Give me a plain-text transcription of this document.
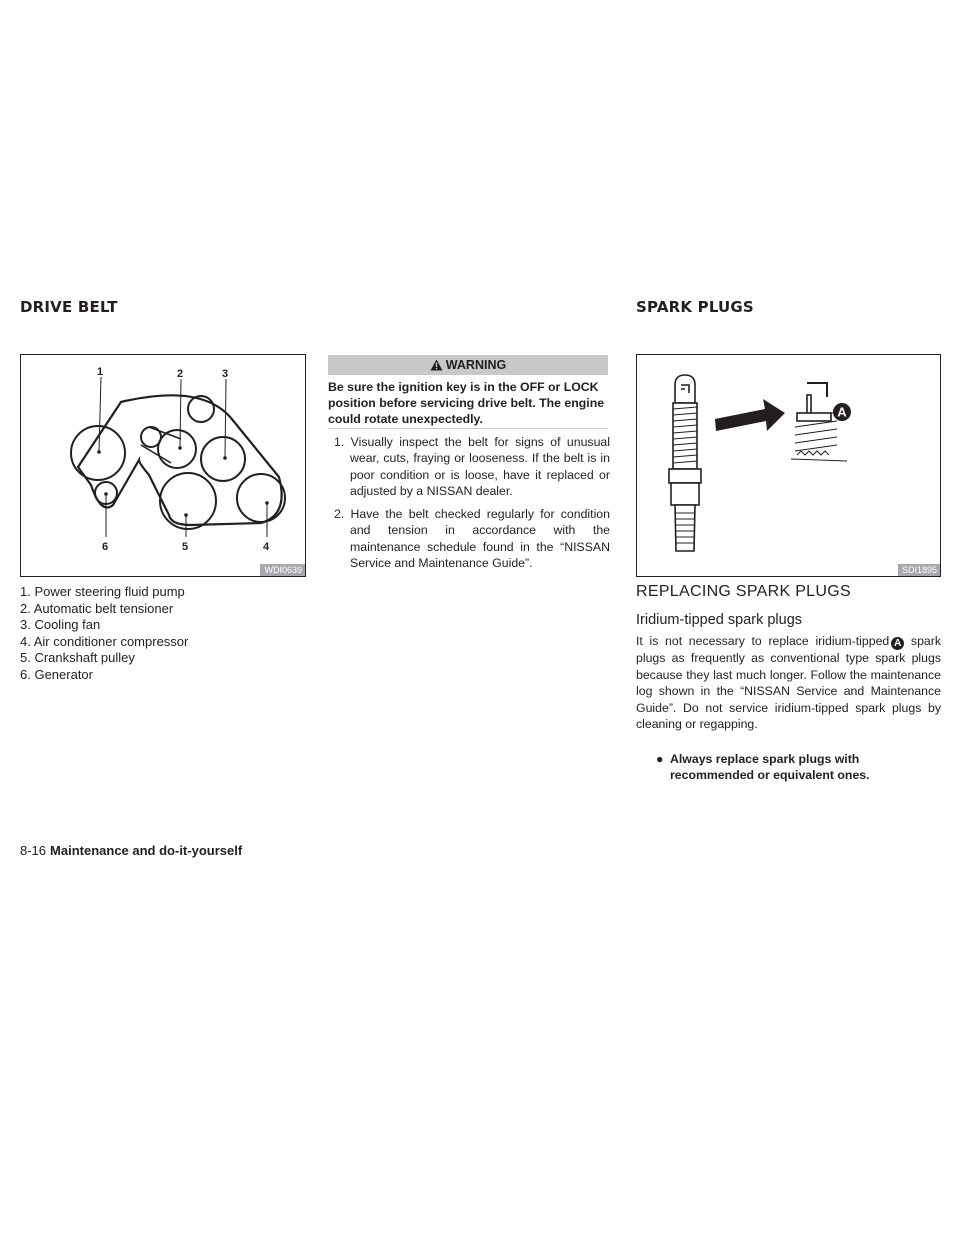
DRIVE BELT	SPARK PLUGS
1	2	3
6	5	4
WDI0639
1. Power steering fluid pump
2. Automatic belt tensioner
3. Cooling fan
4. Air conditioner compressor
5. Crankshaft pulley
6. Generator
WARNING
Be sure the ignition key is in the OFF or LOCK position before servicing drive belt. The engine could rotate unexpectedly.
1. Visually inspect the belt for signs of unusual wear, cuts, fraying or looseness. If the belt is in poor condition or is loose, have it replaced or adjusted by a NISSAN dealer.
2. Have the belt checked regularly for condition and tension in accordance with the maintenance schedule found in the “NISSAN Service and Maintenance Guide”.
A
SDI1895
REPLACING SPARK PLUGS
Iridium-tipped spark plugs
It is not necessary to replace iridium-tipped A spark plugs as frequently as conventional type spark plugs because they last much longer. Follow the maintenance log shown in the “NISSAN Service and Maintenance Guide”. Do not service iridium-tipped spark plugs by cleaning or regapping.
● Always replace spark plugs with recommended or equivalent ones.
8-16 Maintenance and do-it-yourself
